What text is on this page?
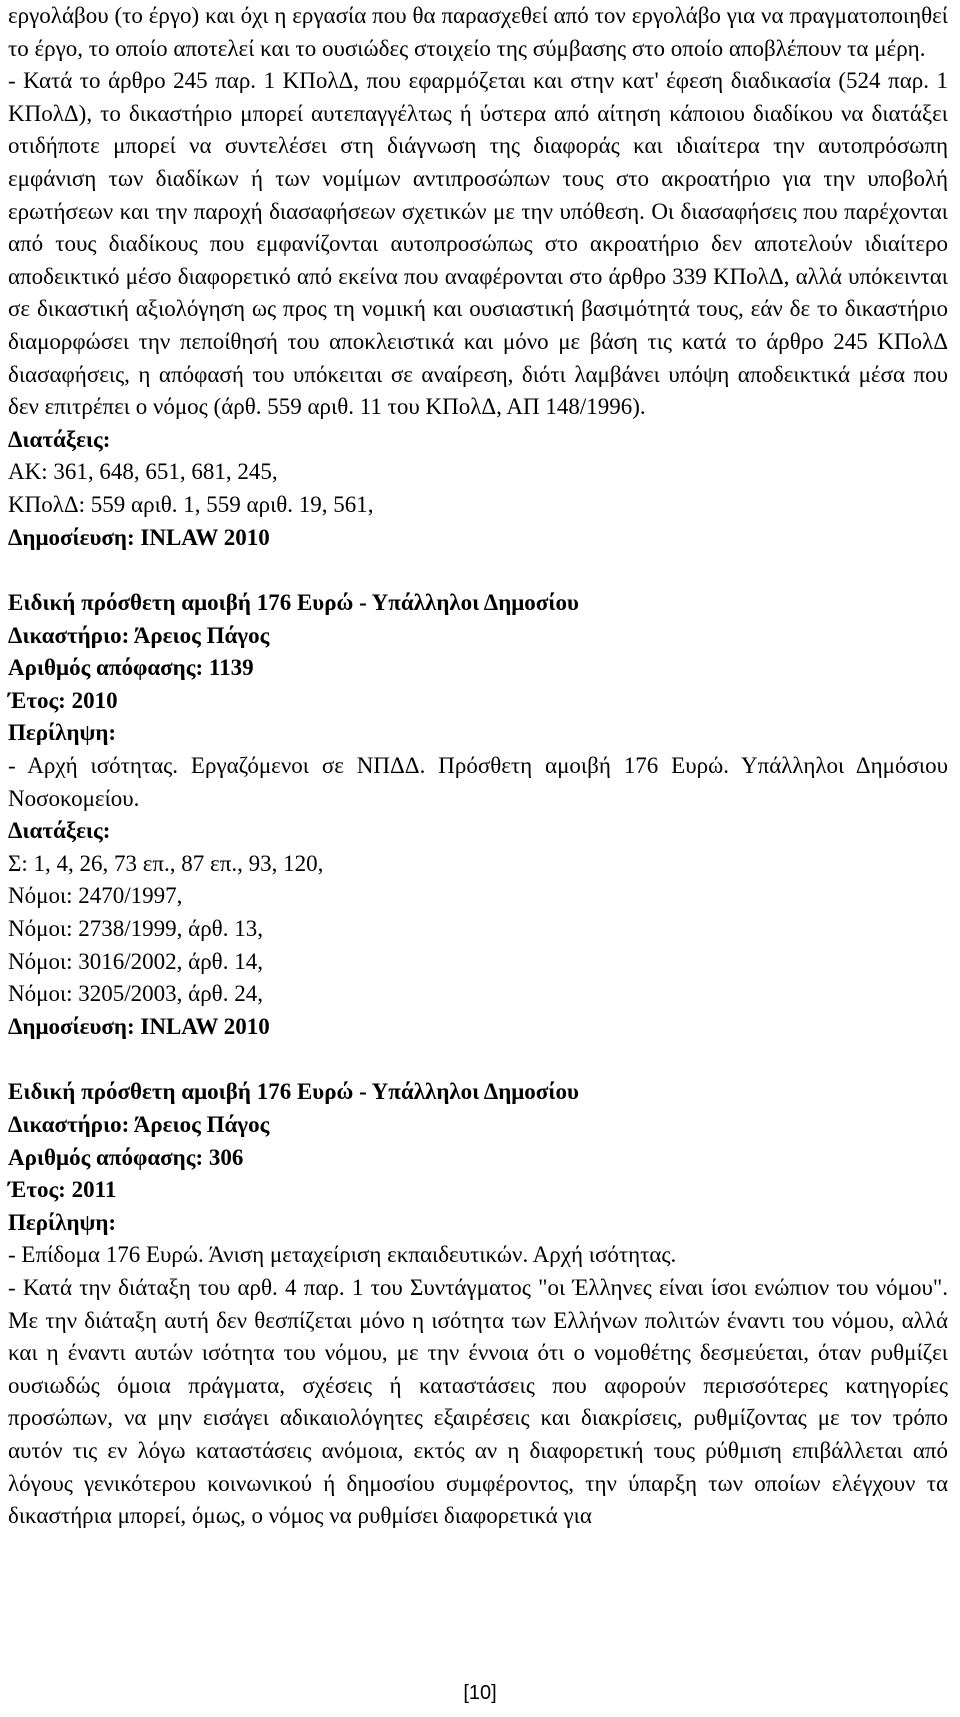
εργολάβου (το έργο) και όχι η εργασία που θα παρασχεθεί από τον εργολάβο για να πραγματοποιηθεί το έργο, το οποίο αποτελεί και το ουσιώδες στοιχείο της σύμβασης στο οποίο αποβλέπουν τα μέρη.

- Κατά το άρθρο 245 παρ. 1 ΚΠολΔ, που εφαρμόζεται και στην κατ' έφεση διαδικασία (524 παρ. 1 ΚΠολΔ), το δικαστήριο μπορεί αυτεπαγγέλτως ή ύστερα από αίτηση κάποιου διαδίκου να διατάξει οτιδήποτε μπορεί να συντελέσει στη διάγνωση της διαφοράς και ιδιαίτερα την αυτοπρόσωπη εμφάνιση των διαδίκων ή των νομίμων αντιπροσώπων τους στο ακροατήριο για την υποβολή ερωτήσεων και την παροχή διασαφήσεων σχετικών με την υπόθεση. Οι διασαφήσεις που παρέχονται από τους διαδίκους που εμφανίζονται αυτοπροσώπως στο ακροατήριο δεν αποτελούν ιδιαίτερο αποδεικτικό μέσο διαφορετικό από εκείνα που αναφέρονται στο άρθρο 339 ΚΠολΔ, αλλά υπόκεινται σε δικαστική αξιολόγηση ως προς τη νομική και ουσιαστική βασιμότητά τους, εάν δε το δικαστήριο διαμορφώσει την πεποίθησή του αποκλειστικά και μόνο με βάση τις κατά το άρθρο 245 ΚΠολΔ διασαφήσεις, η απόφασή του υπόκειται σε αναίρεση, διότι λαμβάνει υπόψη αποδεικτικά μέσα που δεν επιτρέπει ο νόμος (άρθ. 559 αριθ. 11 του ΚΠολΔ, ΑΠ 148/1996).

Διατάξεις:

ΑΚ: 361, 648, 651, 681, 245,

ΚΠολΔ: 559 αριθ. 1, 559 αριθ. 19, 561,

Δημοσίευση: INLAW 2010

Ειδική πρόσθετη αμοιβή 176 Ευρώ - Υπάλληλοι Δημοσίου

Δικαστήριο: Άρειος Πάγος

Αριθμός απόφασης: 1139

Έτος: 2010

Περίληψη:

- Αρχή ισότητας. Εργαζόμενοι σε ΝΠΔΔ. Πρόσθετη αμοιβή 176 Ευρώ. Υπάλληλοι Δημόσιου Νοσοκομείου.

Διατάξεις:

Σ: 1, 4, 26, 73 επ., 87 επ., 93, 120,

Νόμοι: 2470/1997,

Νόμοι: 2738/1999, άρθ. 13,

Νόμοι: 3016/2002, άρθ. 14,

Νόμοι: 3205/2003, άρθ. 24,

Δημοσίευση: INLAW 2010

Ειδική πρόσθετη αμοιβή 176 Ευρώ - Υπάλληλοι Δημοσίου

Δικαστήριο: Άρειος Πάγος

Αριθμός απόφασης: 306

Έτος: 2011

Περίληψη:

- Επίδομα 176 Ευρώ. Άνιση μεταχείριση εκπαιδευτικών. Αρχή ισότητας.

- Κατά την διάταξη του αρθ. 4 παρ. 1 του Συντάγματος "οι Έλληνες είναι ίσοι ενώπιον του νόμου". Με την διάταξη αυτή δεν θεσπίζεται μόνο η ισότητα των Ελλήνων πολιτών έναντι του νόμου, αλλά και η έναντι αυτών ισότητα του νόμου, με την έννοια ότι ο νομοθέτης δεσμεύεται, όταν ρυθμίζει ουσιωδώς όμοια πράγματα, σχέσεις ή καταστάσεις που αφορούν περισσότερες κατηγορίες προσώπων, να μην εισάγει αδικαιολόγητες εξαιρέσεις και διακρίσεις, ρυθμίζοντας με τον τρόπο αυτόν τις εν λόγω καταστάσεις ανόμοια, εκτός αν η διαφορετική τους ρύθμιση επιβάλλεται από λόγους γενικότερου κοινωνικού ή δημοσίου συμφέροντος, την ύπαρξη των οποίων ελέγχουν τα δικαστήρια μπορεί, όμως, ο νόμος να ρυθμίσει διαφορετικά για

[10]
